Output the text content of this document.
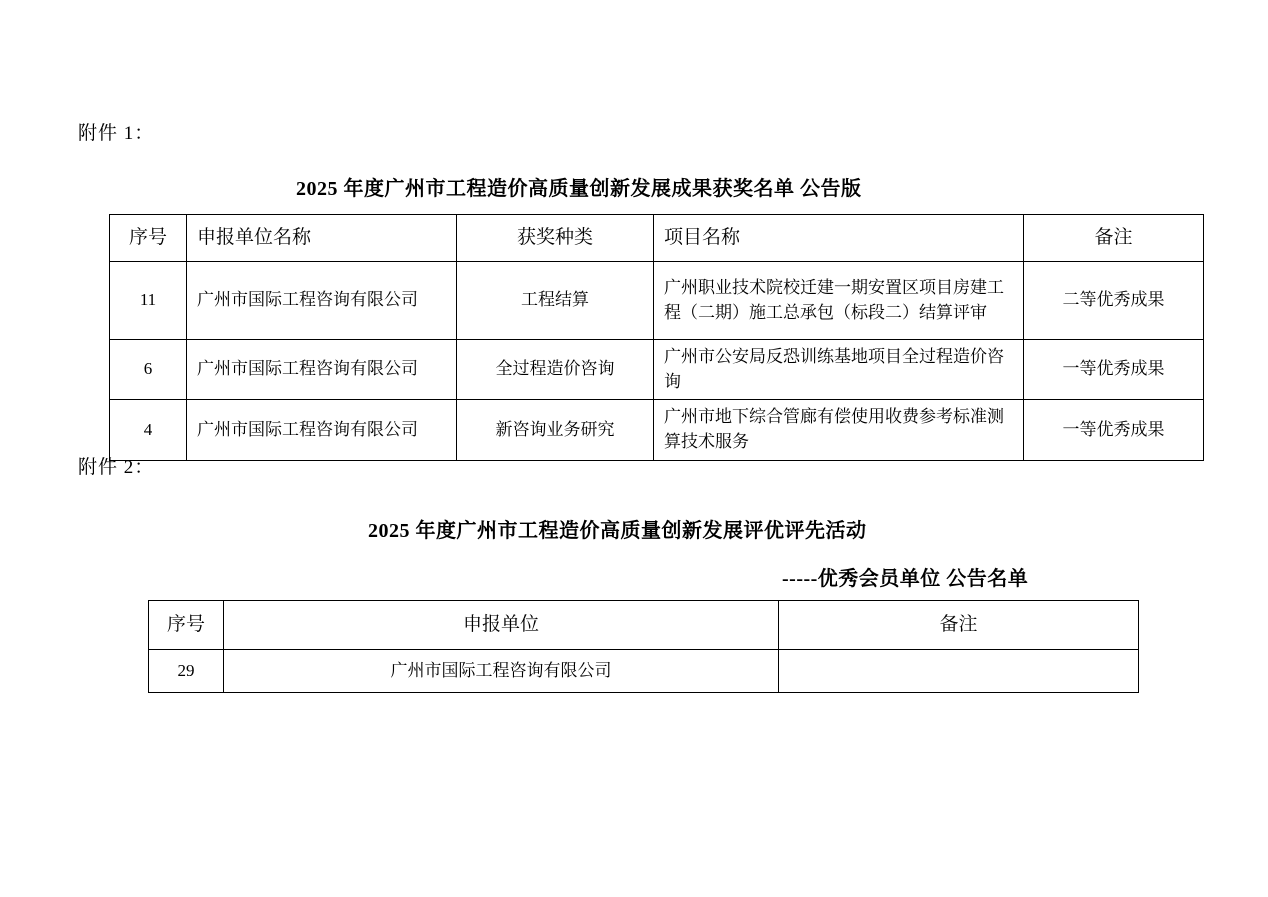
附件 1：
2025 年度广州市工程造价高质量创新发展成果获奖名单 公告版
序号	申报单位名称	获奖种类	项目名称	备注
11	广州市国际工程咨询有限公司	工程结算	广州职业技术院校迁建一期安置区项目房建工程（二期）施工总承包（标段二）结算评审	二等优秀成果
6	广州市国际工程咨询有限公司	全过程造价咨询	广州市公安局反恐训练基地项目全过程造价咨询	一等优秀成果
4	广州市国际工程咨询有限公司	新咨询业务研究	广州市地下综合管廊有偿使用收费参考标准测算技术服务	一等优秀成果
附件 2：
2025 年度广州市工程造价高质量创新发展评优评先活动
-----优秀会员单位 公告名单
序号	申报单位	备注
29	广州市国际工程咨询有限公司	
